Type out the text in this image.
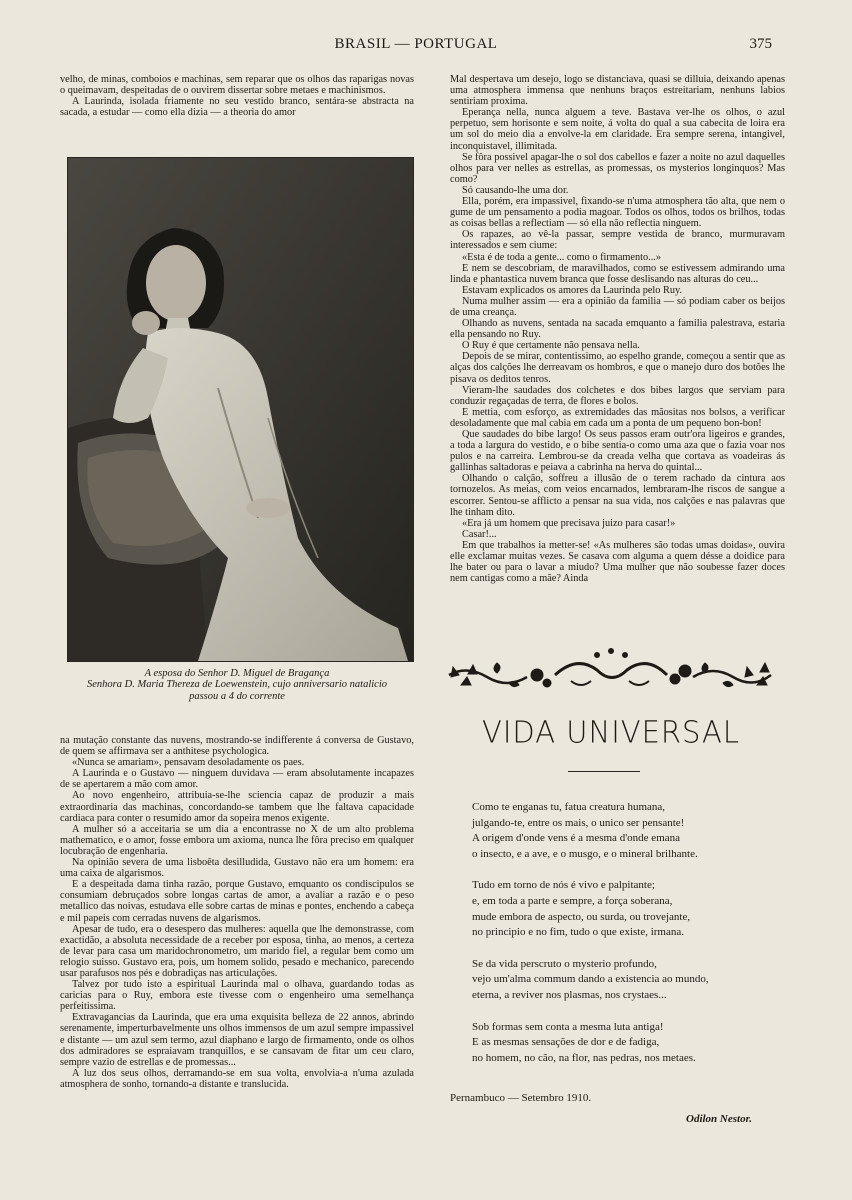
BRASIL — PORTUGAL	375

velho, de minas, comboios e machinas, sem reparar que os olhos das raparigas novas o queimavam, despeitadas de o ouvirem dissertar sobre metaes e machinismos.

A Laurinda, isolada friamente no seu vestido branco, sentára-se abstracta na sacada, a estudar — como ella dizia — a theoria do amor

A esposa do Senhor D. Miguel de Bragança
Senhora D. Maria Thereza de Loewenstein, cujo anniversario natalicio
passou a 4 do corrente

Mal despertava um desejo, logo se distanciava, quasi se dilluia, deixando apenas uma atmosphera immensa que nenhuns braços estreitariam, nenhuns labios sentiriam proxima.

Eperança nella, nunca alguem a teve. Bastava ver-lhe os olhos, o azul perpetuo, sem horisonte e sem noite, á volta do qual a sua cabecita de loira era um sol do meio dia a envolve-la em claridade. Era sempre serena, intangivel, inconquistavel, illimitada.

Se fôra possivel apagar-lhe o sol dos cabellos e fazer a noite no azul daquelles olhos para ver nelles as estrellas, as promessas, os mysterios longinquos? Mas como?

Só causando-lhe uma dor.

Ella, porém, era impassivel, fixando-se n'uma atmosphera tão alta, que nem o gume de um pensamento a podia magoar. Todos os olhos, todos os brilhos, todas as coisas bellas a reflectiam — só ella não reflectia ninguem.

Os rapazes, ao vê-la passar, sempre vestida de branco, murmuravam interessados e sem ciume:

«Esta é de toda a gente... como o firmamento...»

E nem se descobriam, de maravilhados, como se estivessem admirando uma linda e phantastica nuvem branca que fosse deslisando nas alturas do ceu...

Estavam explicados os amores da Laurinda pelo Ruy.

Numa mulher assim — era a opinião da familia — só podiam caber os beijos de uma creança.

Olhando as nuvens, sentada na sacada emquanto a familia palestrava, estaria ella pensando no Ruy.

O Ruy é que certamente não pensava nella.

Depois de se mirar, contentissimo, ao espelho grande, começou a sentir que as alças dos calções lhe derreavam os hombros, e que o manejo duro dos botões lhe pisava os deditos tenros.

Vieram-lhe saudades dos colchetes e dos bibes largos que serviam para conduzir regaçadas de terra, de flores e bolos.

E mettia, com esforço, as extremidades das mãositas nos bolsos, a verificar desoladamente que mal cabia em cada um a ponta de um pequeno bon-bon!

Que saudades do bibe largo! Os seus passos eram outr'ora ligeiros e grandes, a toda a largura do vestido, e o bibe sentia-o como uma aza que o fazia voar nos pulos e na carreira. Lembrou-se da creada velha que cortava as voadeiras ás gallinhas saltadoras e peiava a cabrinha na herva do quintal...

Olhando o calção, soffreu a illusão de o terem rachado da cintura aos tornozelos. As meias, com veios encarnados, lembraram-lhe riscos de sangue a escorrer. Sentou-se afflicto a pensar na sua vida, nos calções e nas palavras que lhe tinham dito.

«Era já um homem que precisava juizo para casar!»

Casar!...

Em que trabalhos ia metter-se! «As mulheres são todas umas doidas», ouvira elle exclamar muitas vezes. Se casava com alguma a quem désse a doidice para lhe bater ou para o lavar a miudo? Uma mulher que não soubesse fazer doces nem cantigas como a mãe? Ainda

na mutação constante das nuvens, mostrando-se indifferente á conversa de Gustavo, de quem se affirmava ser a anthitese psychologica.

«Nunca se amariam», pensavam desoladamente os paes.

A Laurinda e o Gustavo — ninguem duvidava — eram absolutamente incapazes de se apertarem a mão com amor.

Ao novo engenheiro, attribuia-se-lhe sciencia capaz de produzir a mais extraordinaria das machinas, concordando-se tambem que lhe faltava capacidade cardiaca para conter o resumido amor da sopeira menos exigente.

A mulher só a acceitaria se um dia a encontrasse no X de um alto problema mathematico, e o amor, fosse embora um axioma, nunca lhe fôra preciso em qualquer locubração de engenharia.

Na opinião severa de uma lisboêta desilludida, Gustavo não era um homem: era uma caixa de algarismos.

E a despeitada dama tinha razão, porque Gustavo, emquanto os condiscipulos se consumiam debruçados sobre longas cartas de amor, a avaliar a razão e o peso metallico das noivas, estudava elle sobre cartas de minas e pontes, enchendo a cabeça e mil papeis com cerradas nuvens de algarismos.

Apesar de tudo, era o desespero das mulheres: aquella que lhe demonstrasse, com exactidão, a absoluta necessidade de a receber por esposa, tinha, ao menos, a certeza de levar para casa um maridochronometro, um marido fiel, a regular bem como um relogio suisso. Gustavo era, pois, um homem solido, pesado e mechanico, parecendo usar parafusos nos pés e dobradiças nas articulações.

Talvez por tudo isto a espiritual Laurinda mal o olhava, guardando todas as caricias para o Ruy, embora este tivesse com o engenheiro uma semelhança perfeitissima.

Extravagancias da Laurinda, que era uma exquisita belleza de 22 annos, abrindo serenamente, imperturbavelmente uns olhos immensos de um azul sempre impassivel e distante — um azul sem termo, azul diaphano e largo de firmamento, onde os olhos dos admiradores se espraiavam tranquillos, e se cansavam de fitar um ceu claro, sempre vazio de estrellas e de promessas...

A luz dos seus olhos, derramando-se em sua volta, envolvia-a n'uma azulada atmosphera de sonho, tornando-a distante e translucida.

VIDA UNIVERSAL
Como te enganas tu, fatua creatura humana,
julgando-te, entre os mais, o unico ser pensante!
A origem d'onde vens é a mesma d'onde emana
o insecto, e a ave, e o musgo, e o mineral brilhante.
Tudo em torno de nós é vivo e palpitante;
e, em toda a parte e sempre, a força soberana,
mude embora de aspecto, ou surda, ou trovejante,
no principio e no fim, tudo o que existe, irmana.
Se da vida perscruto o mysterio profundo,
vejo um'alma commum dando a existencia ao mundo,
eterna, a reviver nos plasmas, nos crystaes...
Sob formas sem conta a mesma luta antiga!
E as mesmas sensações de dor e de fadiga,
no homem, no cão, na flor, nas pedras, nos metaes.
Pernambuco — Setembro 1910.
Odilon Nestor.
